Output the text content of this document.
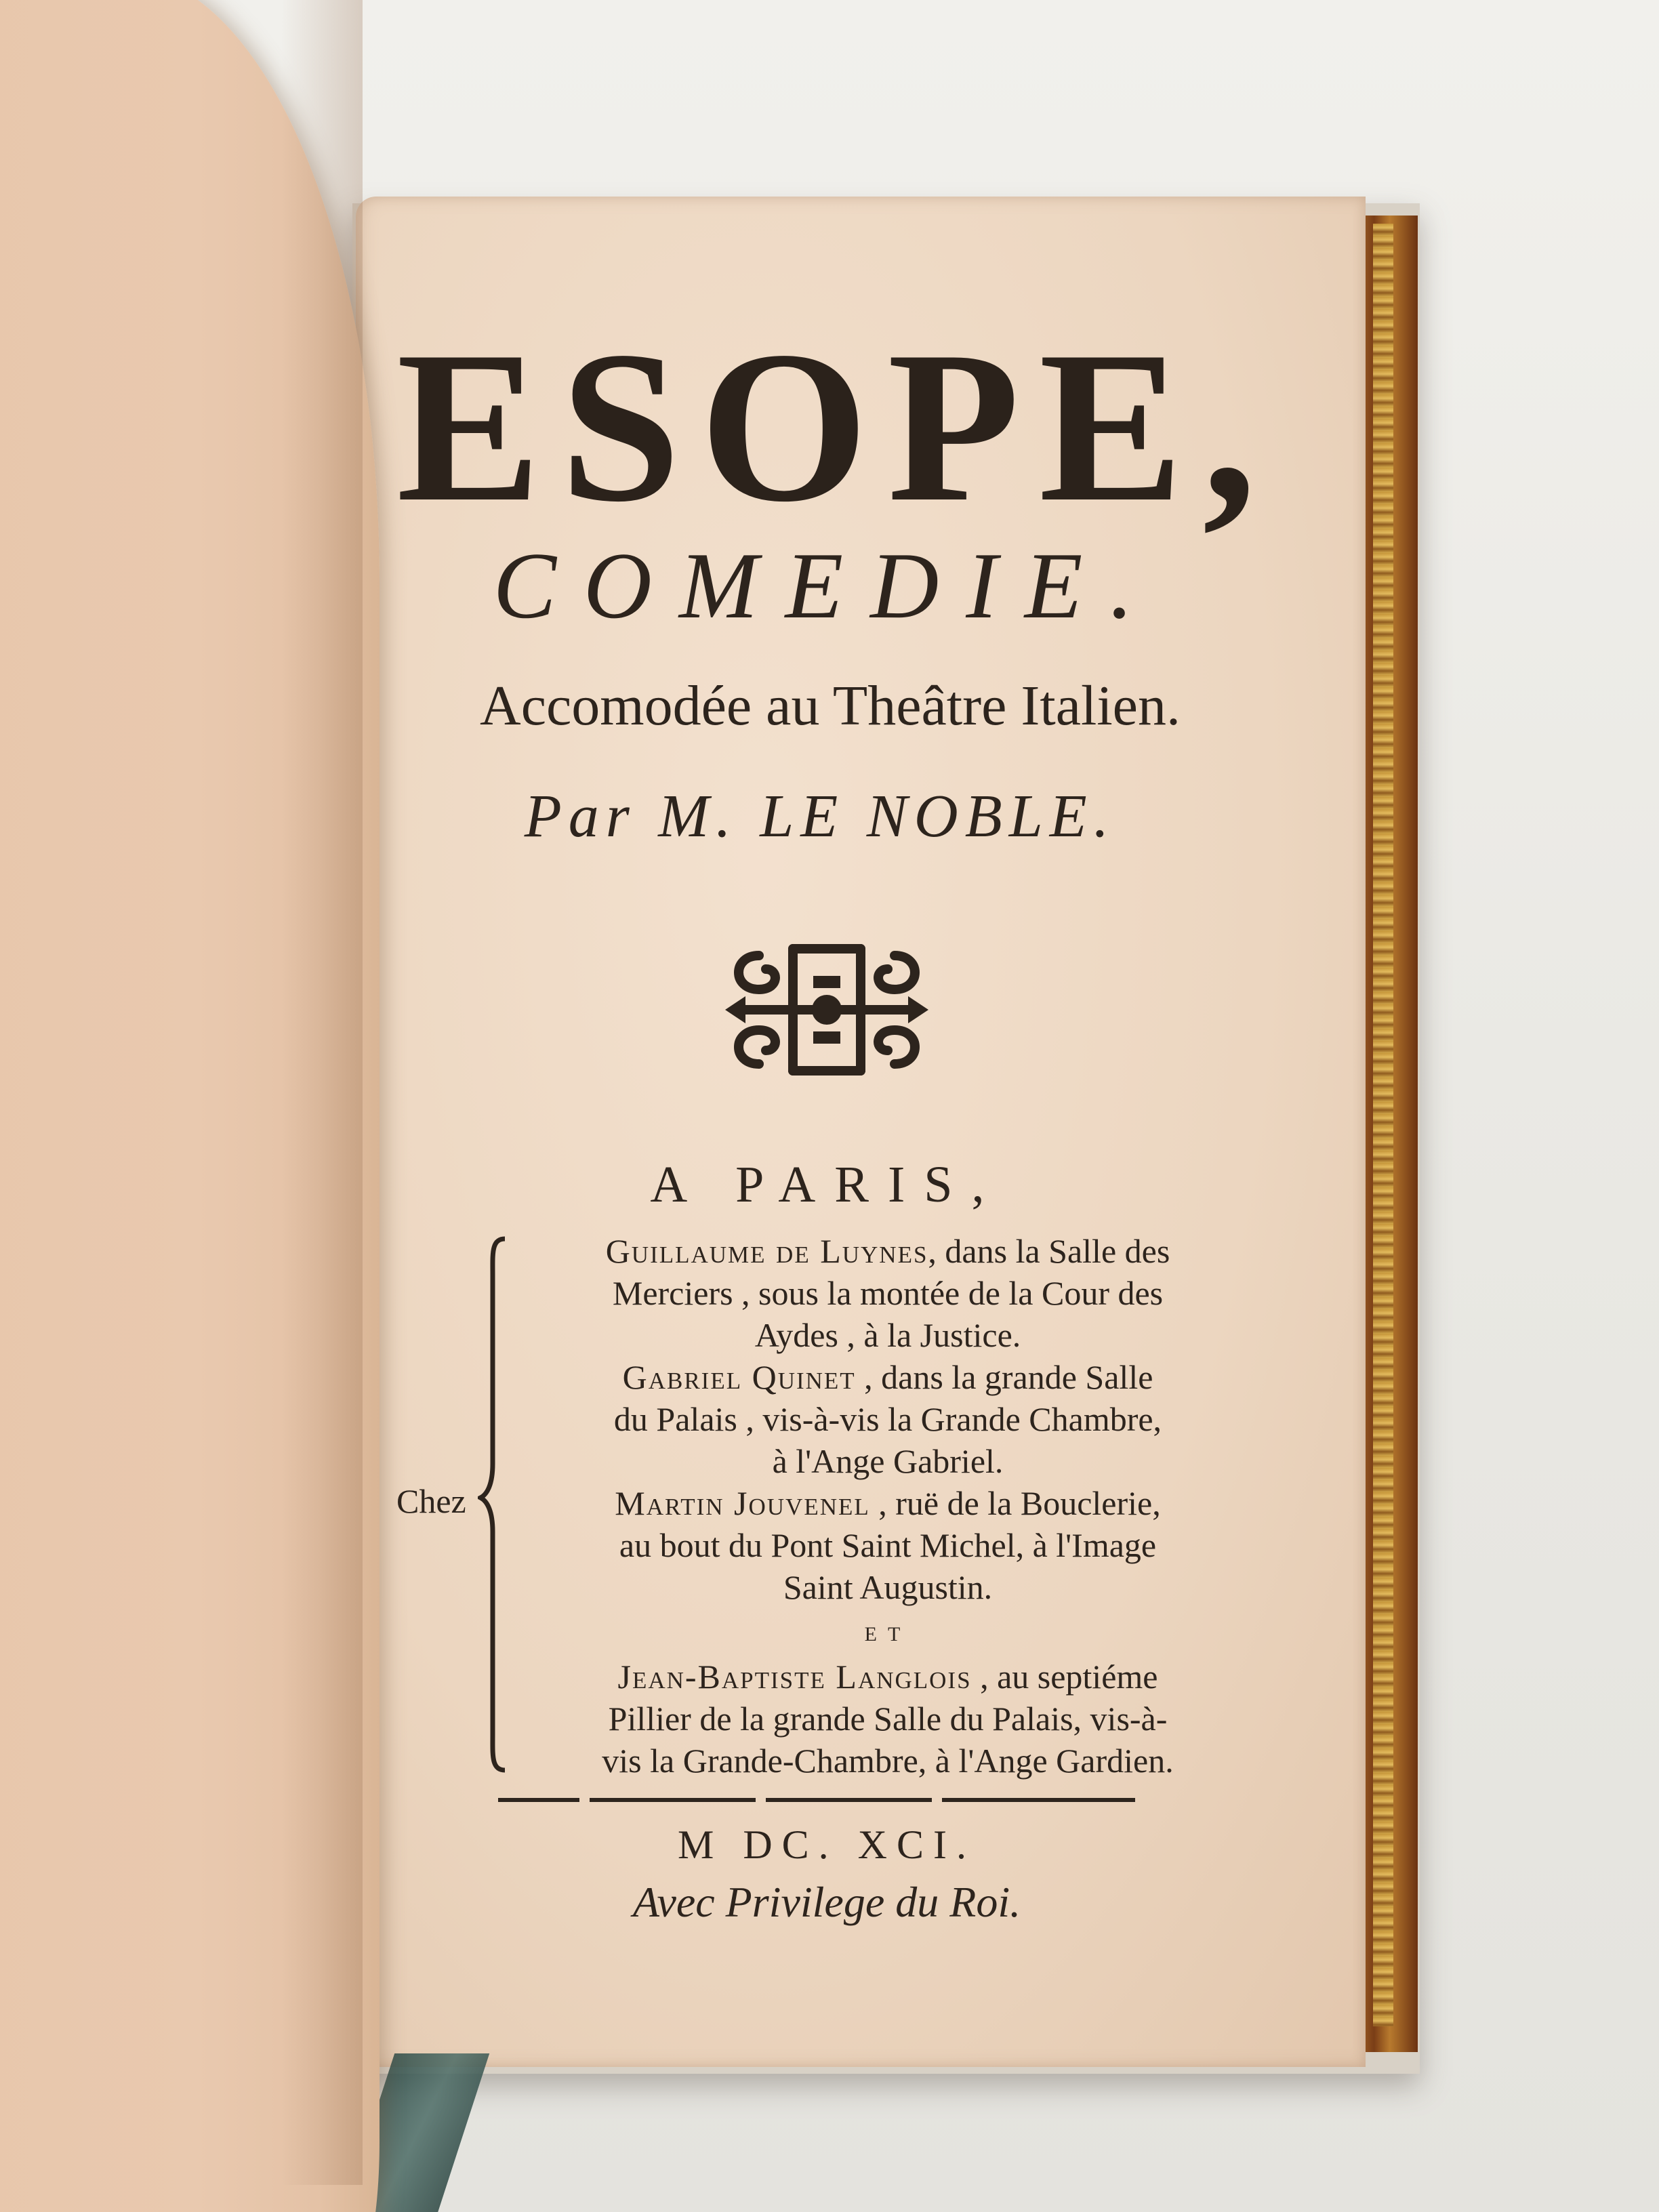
ESOPE,
COMEDIE.
Accomodée au Theâtre Italien.
Par M. LE NOBLE.
A PARIS,
Chez
Guillaume de Luynes, dans la Salle des
Merciers , sous la montée de la Cour des
Aydes , à la Justice.
Gabriel Quinet , dans la grande Salle
du Palais , vis-à-vis la Grande Chambre,
à l'Ange Gabriel.
Martin Jouvenel , ruë de la Bouclerie,
au bout du Pont Saint Michel, à l'Image
Saint Augustin.
ET
Jean-Baptiste Langlois , au septiéme
Pillier de la grande Salle du Palais, vis-à-
vis la Grande-Chambre, à l'Ange Gardien.
M DC. XCI.
Avec Privilege du Roi.
